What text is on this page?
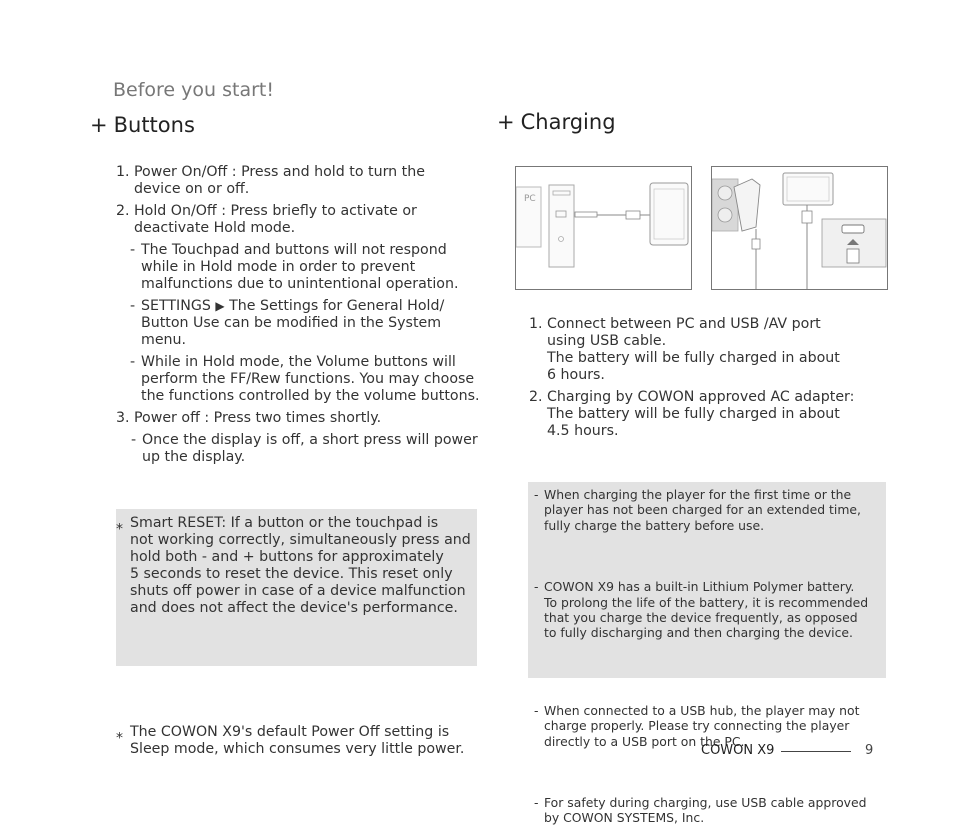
Before you start!
+ Buttons
1. Power On/Off : Press and hold to turn the
device on or off.
2. Hold On/Off : Press briefly to activate or
deactivate Hold mode.
- The Touchpad and buttons will not respond
while in Hold mode in order to prevent
malfunctions due to unintentional operation.
- SETTINGS ▶ The Settings for General Hold/
Button Use can be modified in the System
menu.
- While in Hold mode, the Volume buttons will
perform the FF/Rew functions. You may choose
the functions controlled by the volume buttons.
3. Power off : Press two times shortly.
- Once the display is off, a short press will power
up the display.
⁎ Smart RESET: If a button or the touchpad is
not working correctly, simultaneously press and
hold both - and + buttons for approximately
5 seconds to reset the device. This reset only
shuts off power in case of a device malfunction
and does not affect the device's performance.
⁎ The COWON X9's default Power Off setting is
Sleep mode, which consumes very little power.
+ Charging
PC
1. Connect between PC and USB /AV port
using USB cable.
The battery will be fully charged in about
6 hours.
2. Charging by COWON approved AC adapter:
The battery will be fully charged in about
4.5 hours.
- When charging the player for the first time or the
player has not been charged for an extended time,
fully charge the battery before use.
- COWON X9 has a built-in Lithium Polymer battery.
To prolong the life of the battery, it is recommended
that you charge the device frequently, as opposed
to fully discharging and then charging the device.
- When connected to a USB hub, the player may not
charge properly. Please try connecting the player
directly to a USB port on the PC.
- For safety during charging, use USB cable approved
by COWON SYSTEMS, Inc.
COWON X9	9
